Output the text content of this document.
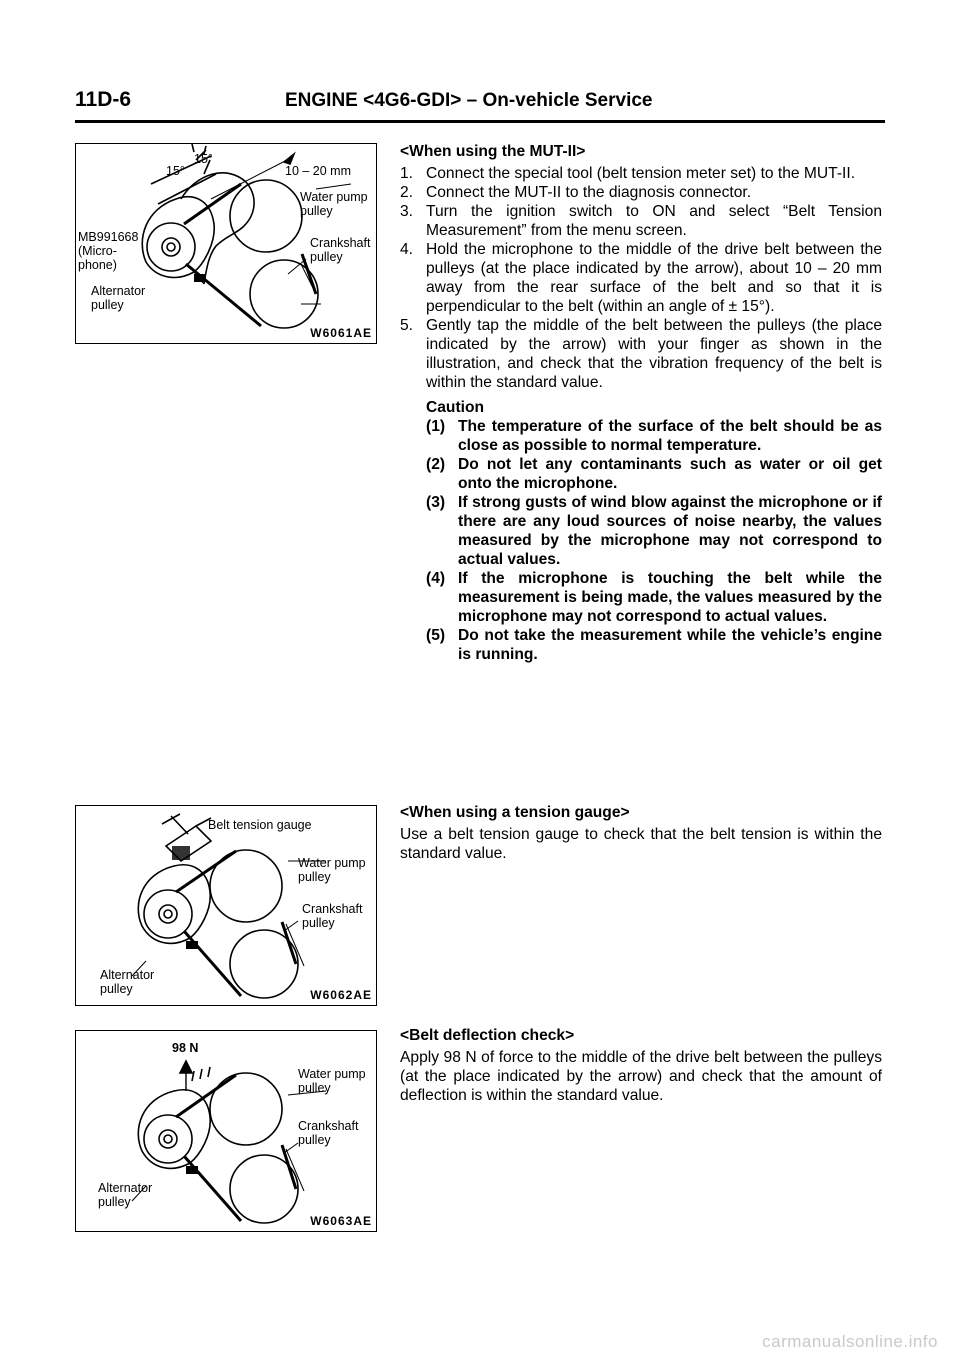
11D-6	ENGINE <4G6-GDI> – On-vehicle Service
15°
15°
10 – 20 mm
Water pump
pulley
Crankshaft
pulley
MB991668
(Micro-
phone)
Alternator
pulley
W6061AE
Belt tension gauge
Water pump
pulley
Crankshaft
pulley
Alternator
pulley	W6062AE
98 N
Water pump
pulley
Crankshaft
pulley
Alternator
pulley
W6063AE
<When using the MUT-II>
1. Connect the special tool (belt tension meter set) to the MUT-II.
2. Connect the MUT-II to the diagnosis connector.
3. Turn the ignition switch to ON and select “Belt Tension Measurement” from the menu screen.
4. Hold the microphone to the middle of the drive belt between the pulleys (at the place indicated by the arrow), about 10 – 20 mm away from the rear surface of the belt and so that it is perpendicular to the belt (within an angle of ± 15°).
5. Gently tap the middle of the belt between the pulleys (the place indicated by the arrow) with your finger as shown in the illustration, and check that the vibration frequency of the belt is within the standard value.
Caution
(1) The temperature of the surface of the belt should be as close as possible to normal temperature.
(2) Do not let any contaminants such as water or oil get onto the microphone.
(3) If strong gusts of wind blow against the microphone or if there are any loud sources of noise nearby, the values measured by the microphone may not correspond to actual values.
(4) If the microphone is touching the belt while the measurement is being made, the values measured by the microphone may not correspond to actual values.
(5) Do not take the measurement while the vehicle’s engine is running.
<When using a tension gauge>
Use a belt tension gauge to check that the belt tension is within the standard value.
<Belt deflection check>
Apply 98 N of force to the middle of the drive belt between the pulleys (at the place indicated by the arrow) and check that the amount of deflection is within the standard value.
carmanualsonline.info
